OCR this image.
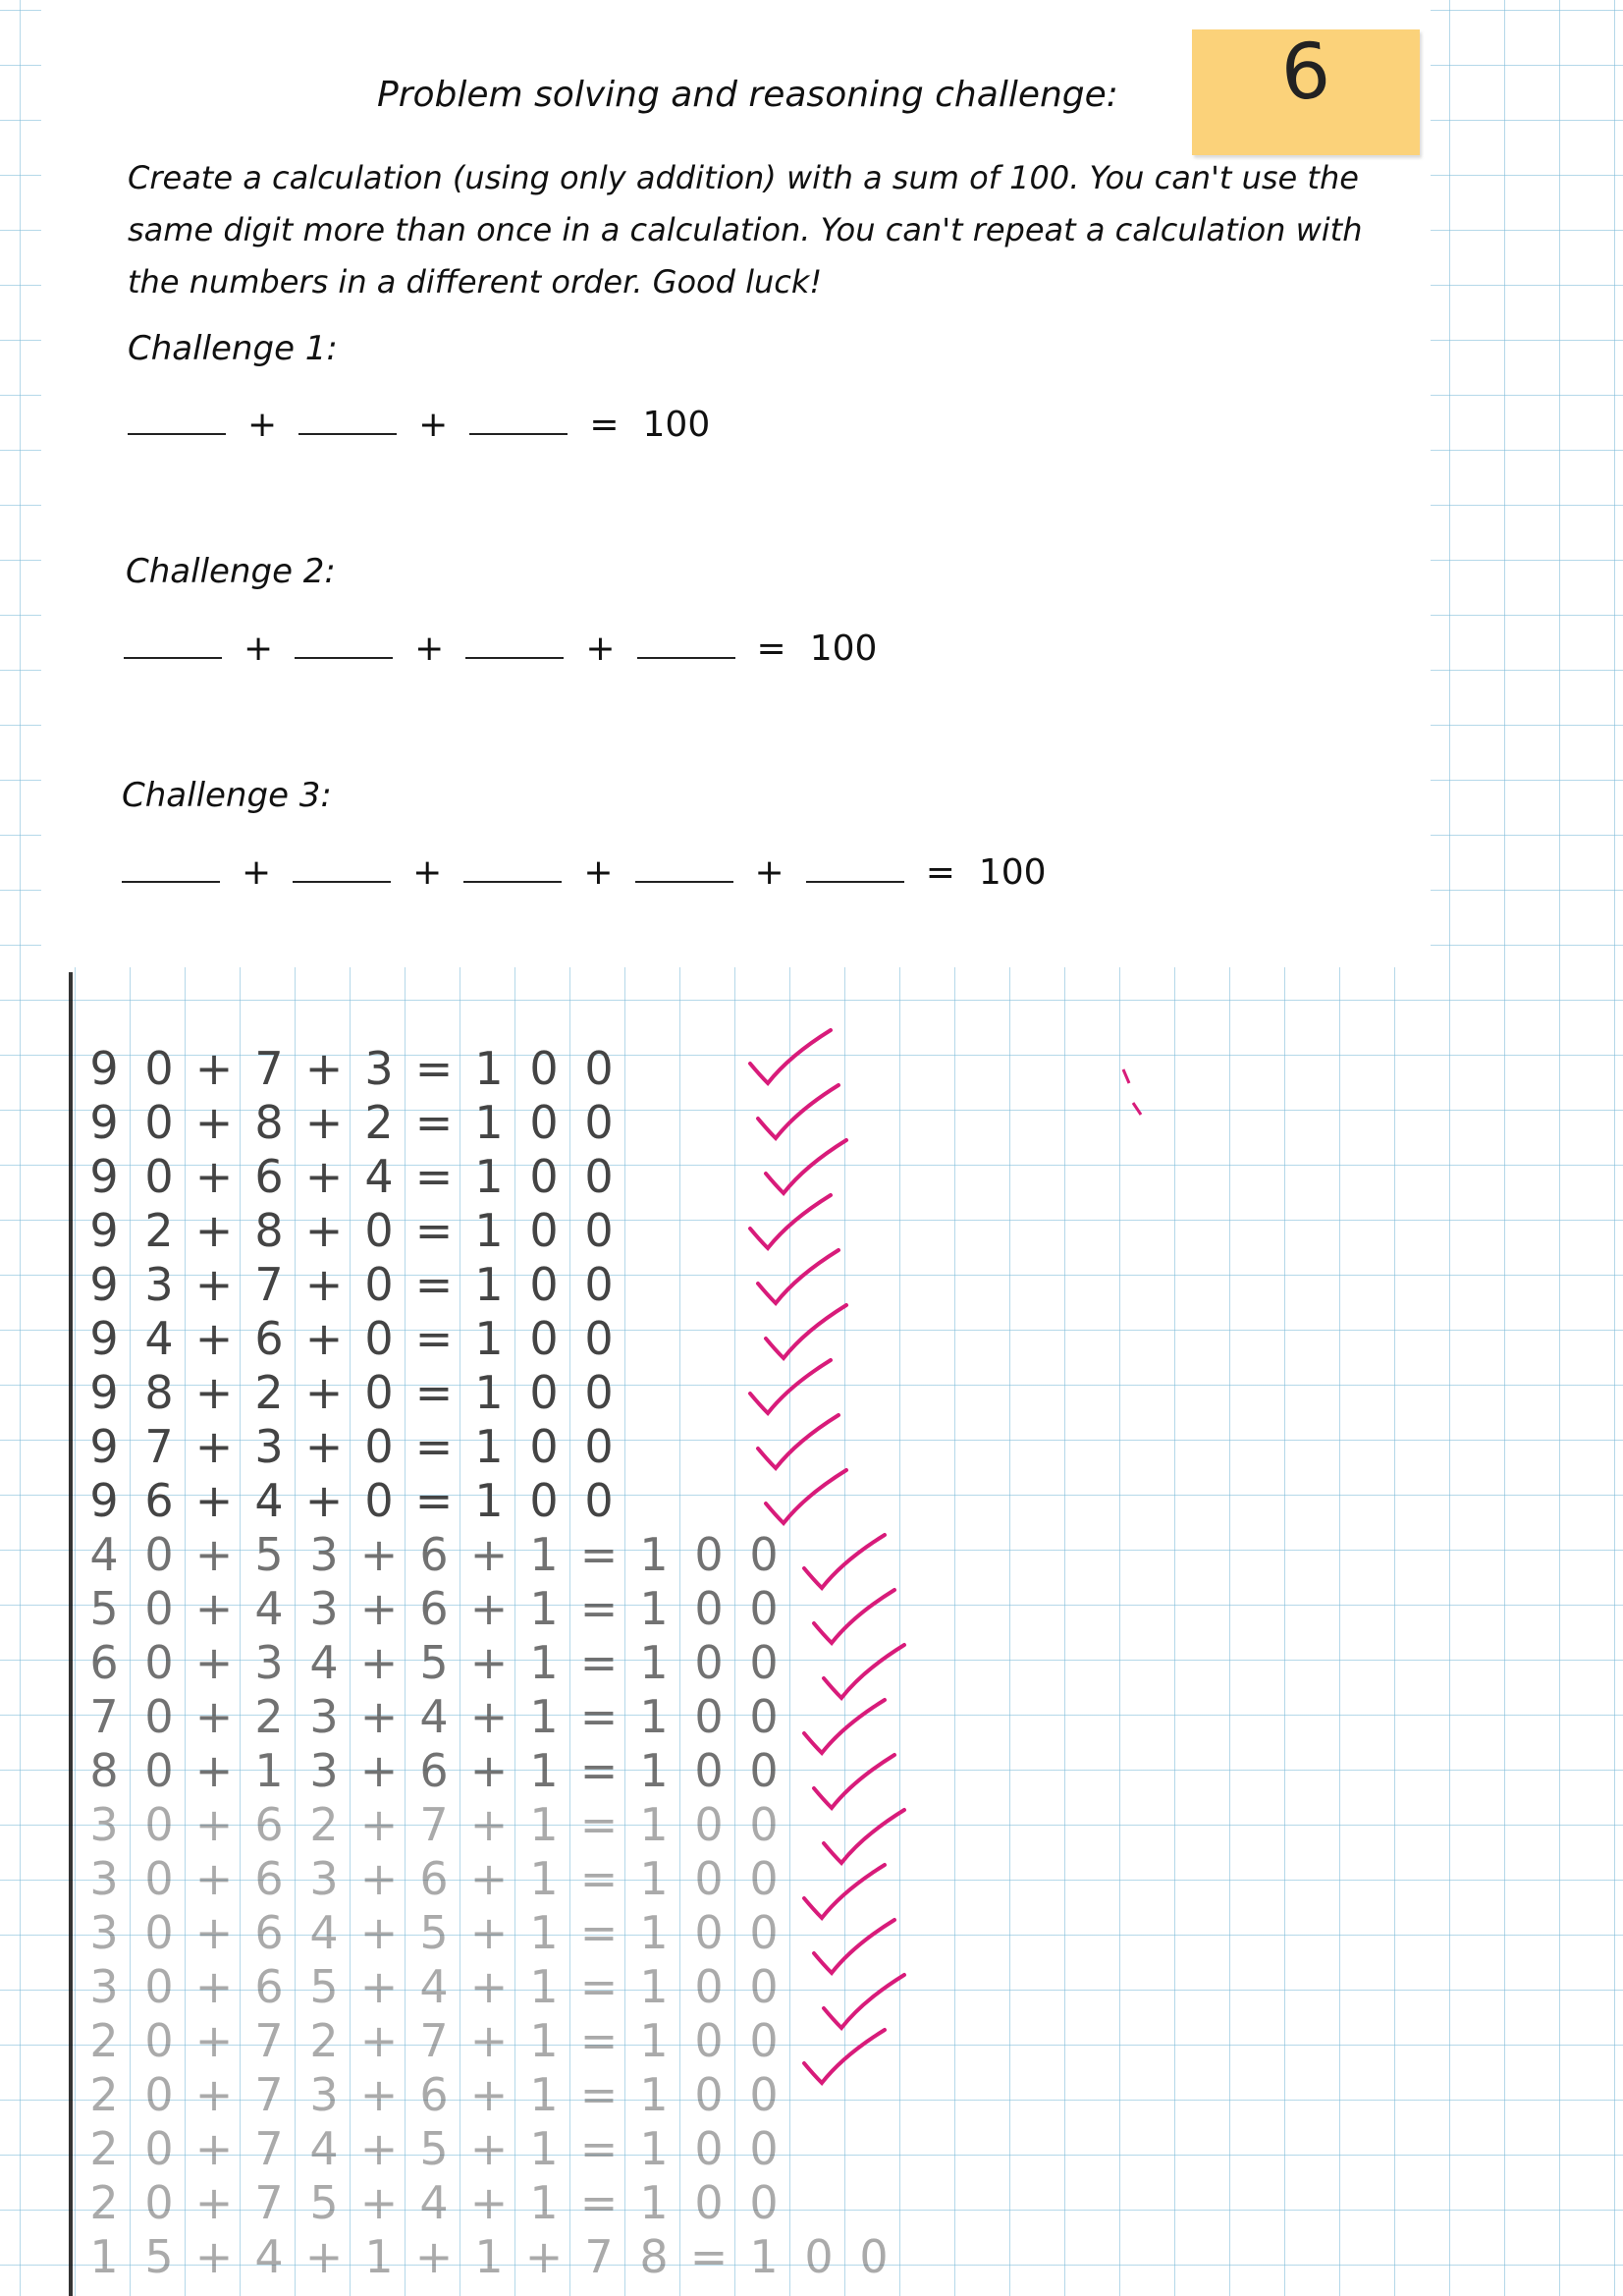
6
Problem solving and reasoning challenge:
Create a calculation (using only addition) with a sum of 100. You can't use the same digit more than once in a calculation. You can't repeat a calculation with the numbers in a different order. Good luck!
Challenge 1:
+	+	= 100
Challenge 2:
+	+	+	= 100
Challenge 3:
+	+	+	+	= 100
9 0 + 7 + 3 = 1 0 0
9 0 + 8 + 2 = 1 0 0
9 0 + 6 + 4 = 1 0 0
9 2 + 8 + 0 = 1 0 0
9 3 + 7 + 0 = 1 0 0
9 4 + 6 + 0 = 1 0 0
9 8 + 2 + 0 = 1 0 0
9 7 + 3 + 0 = 1 0 0
9 6 + 4 + 0 = 1 0 0
4 0 + 5 3 + 6 + 1 = 1 0 0
5 0 + 4 3 + 6 + 1 = 1 0 0
6 0 + 3 4 + 5 + 1 = 1 0 0
7 0 + 2 3 + 4 + 1 = 1 0 0
8 0 + 1 3 + 6 + 1 = 1 0 0
3 0 + 6 2 + 7 + 1 = 1 0 0
3 0 + 6 3 + 6 + 1 = 1 0 0
3 0 + 6 4 + 5 + 1 = 1 0 0
3 0 + 6 5 + 4 + 1 = 1 0 0
2 0 + 7 2 + 7 + 1 = 1 0 0
2 0 + 7 3 + 6 + 1 = 1 0 0
2 0 + 7 4 + 5 + 1 = 1 0 0
2 0 + 7 5 + 4 + 1 = 1 0 0
1 5 + 4 + 1 + 1 + 7 8 = 1 0 0
